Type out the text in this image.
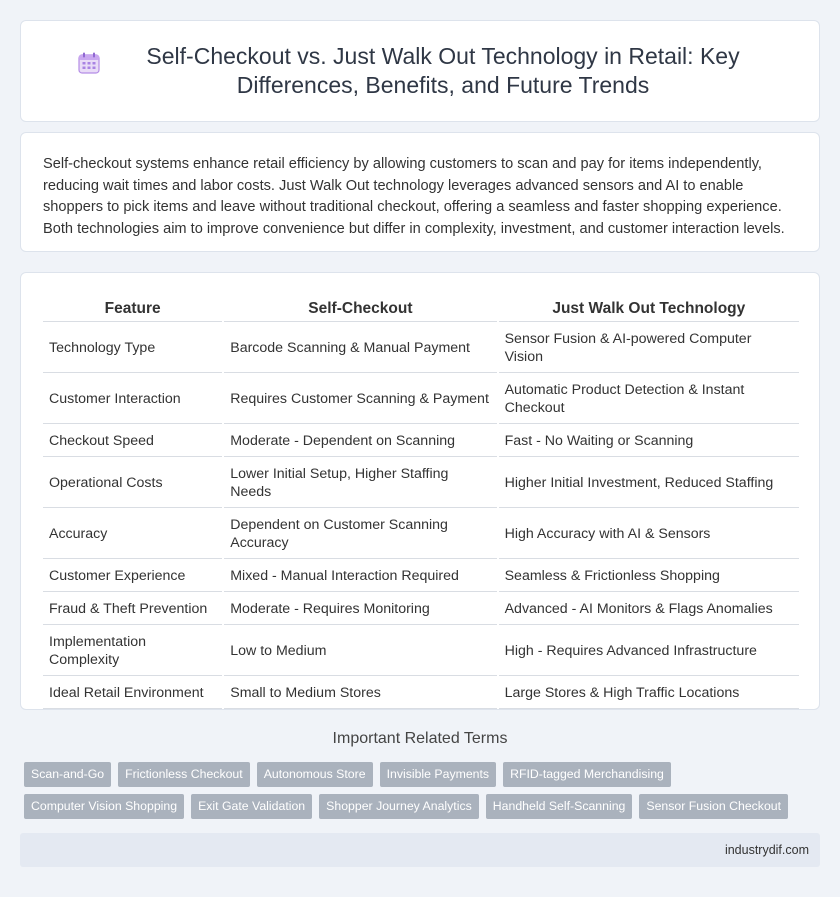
Self-Checkout vs. Just Walk Out Technology in Retail: Key Differences, Benefits, and Future Trends

Self-checkout systems enhance retail efficiency by allowing customers to scan and pay for items independently, reducing wait times and labor costs. Just Walk Out technology leverages advanced sensors and AI to enable shoppers to pick items and leave without traditional checkout, offering a seamless and faster shopping experience. Both technologies aim to improve convenience but differ in complexity, investment, and customer interaction levels.

Feature	Self-Checkout	Just Walk Out Technology
Technology Type	Barcode Scanning & Manual Payment	Sensor Fusion & AI-powered Computer Vision
Customer Interaction	Requires Customer Scanning & Payment	Automatic Product Detection & Instant Checkout
Checkout Speed	Moderate - Dependent on Scanning	Fast - No Waiting or Scanning
Operational Costs	Lower Initial Setup, Higher Staffing Needs	Higher Initial Investment, Reduced Staffing
Accuracy	Dependent on Customer Scanning Accuracy	High Accuracy with AI & Sensors
Customer Experience	Mixed - Manual Interaction Required	Seamless & Frictionless Shopping
Fraud & Theft Prevention	Moderate - Requires Monitoring	Advanced - AI Monitors & Flags Anomalies
Implementation Complexity	Low to Medium	High - Requires Advanced Infrastructure
Ideal Retail Environment	Small to Medium Stores	Large Stores & High Traffic Locations
Important Related Terms
Scan-and-Go	Frictionless Checkout	Autonomous Store	Invisible Payments	RFID-tagged Merchandising
Computer Vision Shopping	Exit Gate Validation	Shopper Journey Analytics	Handheld Self-Scanning	Sensor Fusion Checkout
industrydif.com
